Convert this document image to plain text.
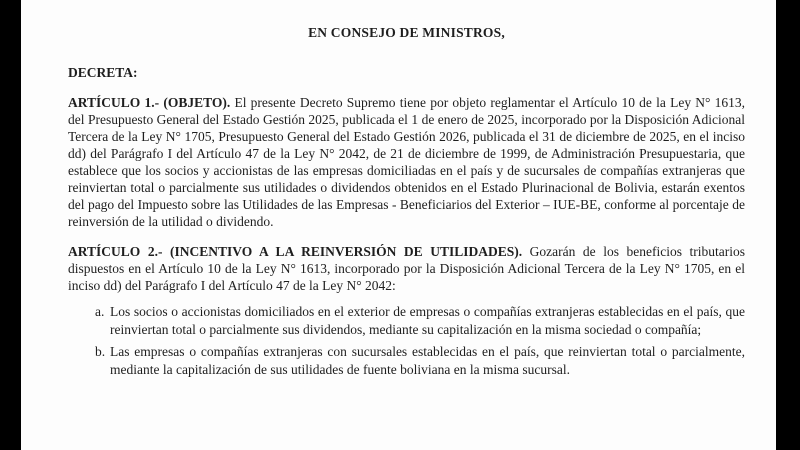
EN CONSEJO DE MINISTROS,
DECRETA:

ARTÍCULO 1.- (OBJETO). El presente Decreto Supremo tiene por objeto reglamentar el Artículo 10 de la Ley N° 1613, del Presupuesto General del Estado Gestión 2025, publicada el 1 de enero de 2025, incorporado por la Disposición Adicional Tercera de la Ley N° 1705, Presupuesto General del Estado Gestión 2026, publicada el 31 de diciembre de 2025, en el inciso dd) del Parágrafo I del Artículo 47 de la Ley N° 2042, de 21 de diciembre de 1999, de Administración Presupuestaria, que establece que los socios y accionistas de las empresas domiciliadas en el país y de sucursales de compañías extranjeras que reinviertan total o parcialmente sus utilidades o dividendos obtenidos en el Estado Plurinacional de Bolivia, estarán exentos del pago del Impuesto sobre las Utilidades de las Empresas - Beneficiarios del Exterior – IUE-BE, conforme al porcentaje de reinversión de la utilidad o dividendo.

ARTÍCULO 2.- (INCENTIVO A LA REINVERSIÓN DE UTILIDADES). Gozarán de los beneficios tributarios dispuestos en el Artículo 10 de la Ley N° 1613, incorporado por la Disposición Adicional Tercera de la Ley N° 1705, en el inciso dd) del Parágrafo I del Artículo 47 de la Ley N° 2042:

a. Los socios o accionistas domiciliados en el exterior de empresas o compañías extranjeras establecidas en el país, que reinviertan total o parcialmente sus dividendos, mediante su capitalización en la misma sociedad o compañía;
b. Las empresas o compañías extranjeras con sucursales establecidas en el país, que reinviertan total o parcialmente, mediante la capitalización de sus utilidades de fuente boliviana en la misma sucursal.
